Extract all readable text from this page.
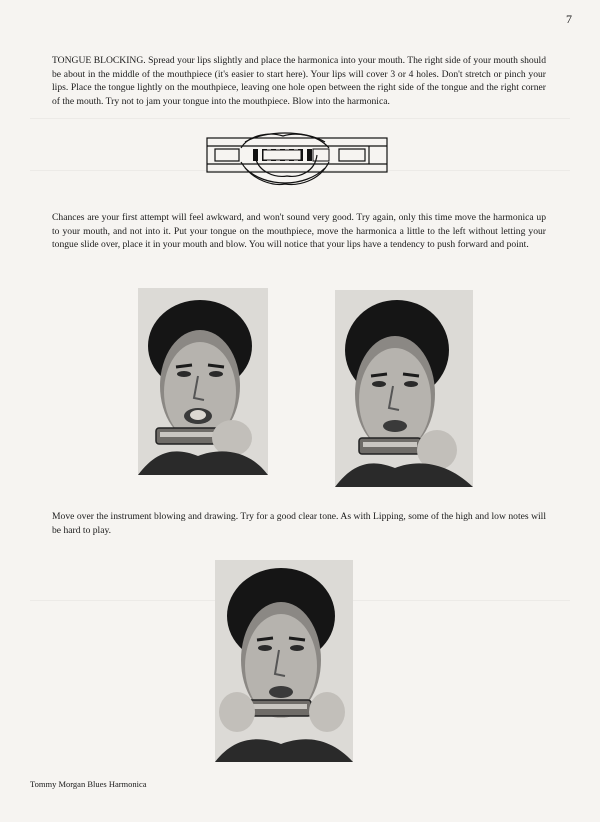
7

TONGUE BLOCKING. Spread your lips slightly and place the harmonica into your mouth. The right side of your mouth should be about in the middle of the mouthpiece (it's easier to start here). Your lips will cover 3 or 4 holes. Don't stretch or pinch your lips. Place the tongue lightly on the mouthpiece, leaving one hole open between the right side of the tongue and the right corner of the mouth. Try not to jam your tongue into the mouthpiece. Blow into the harmonica.

Chances are your first attempt will feel awkward, and won't sound very good. Try again, only this time move the harmonica up to your mouth, and not into it. Put your tongue on the mouthpiece, move the harmonica a little to the left without letting your tongue slide over, place it in your mouth and blow. You will notice that your lips have a tendency to push forward and point.

Move over the instrument blowing and drawing. Try for a good clear tone. As with Lipping, some of the high and low notes will be hard to play.

Tommy Morgan Blues Harmonica
